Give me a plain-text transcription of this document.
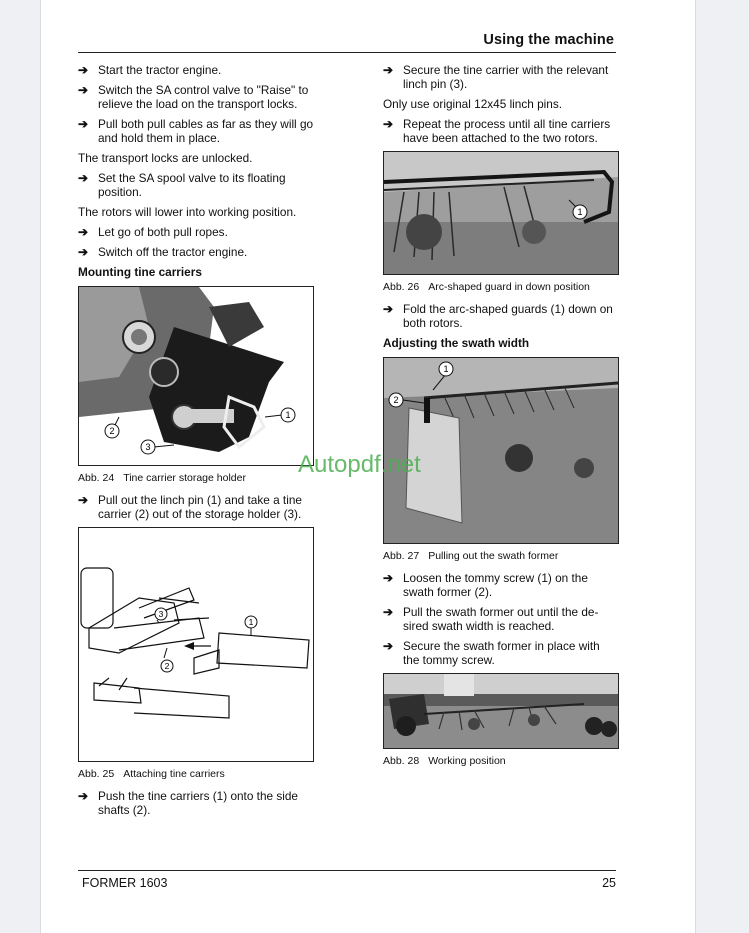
Using the machine
➔ Start the tractor engine.
➔ Switch the SA control valve to "Raise" to relieve the load on the transport locks.
➔ Pull both pull cables as far as they will go and hold them in place.
The transport locks are unlocked.
➔ Set the SA spool valve to its floating position.
The rotors will lower into working position.
➔ Let go of both pull ropes.
➔ Switch off the tractor engine.
Mounting tine carriers
1
2
3
Abb. 24 Tine carrier storage holder
➔ Pull out the linch pin (1) and take a tine carrier (2) out of the storage holder (3).
1
2
3
Abb. 25 Attaching tine carriers
➔ Push the tine carriers (1) onto the side shafts (2).
➔ Secure the tine carrier with the relevant linch pin (3).
Only use original 12x45 linch pins.
➔ Repeat the process until all tine carriers have been attached to the two rotors.
1
Abb. 26 Arc-shaped guard in down position
➔ Fold the arc-shaped guards (1) down on both rotors.
Adjusting the swath width
1
2
Abb. 27 Pulling out the swath former
➔ Loosen the tommy screw (1) on the swath former (2).
➔ Pull the swath former out until the de-sired swath width is reached.
➔ Secure the swath former in place with the tommy screw.
Abb. 28 Working position
Autopdf.net
FORMER 1603	25
